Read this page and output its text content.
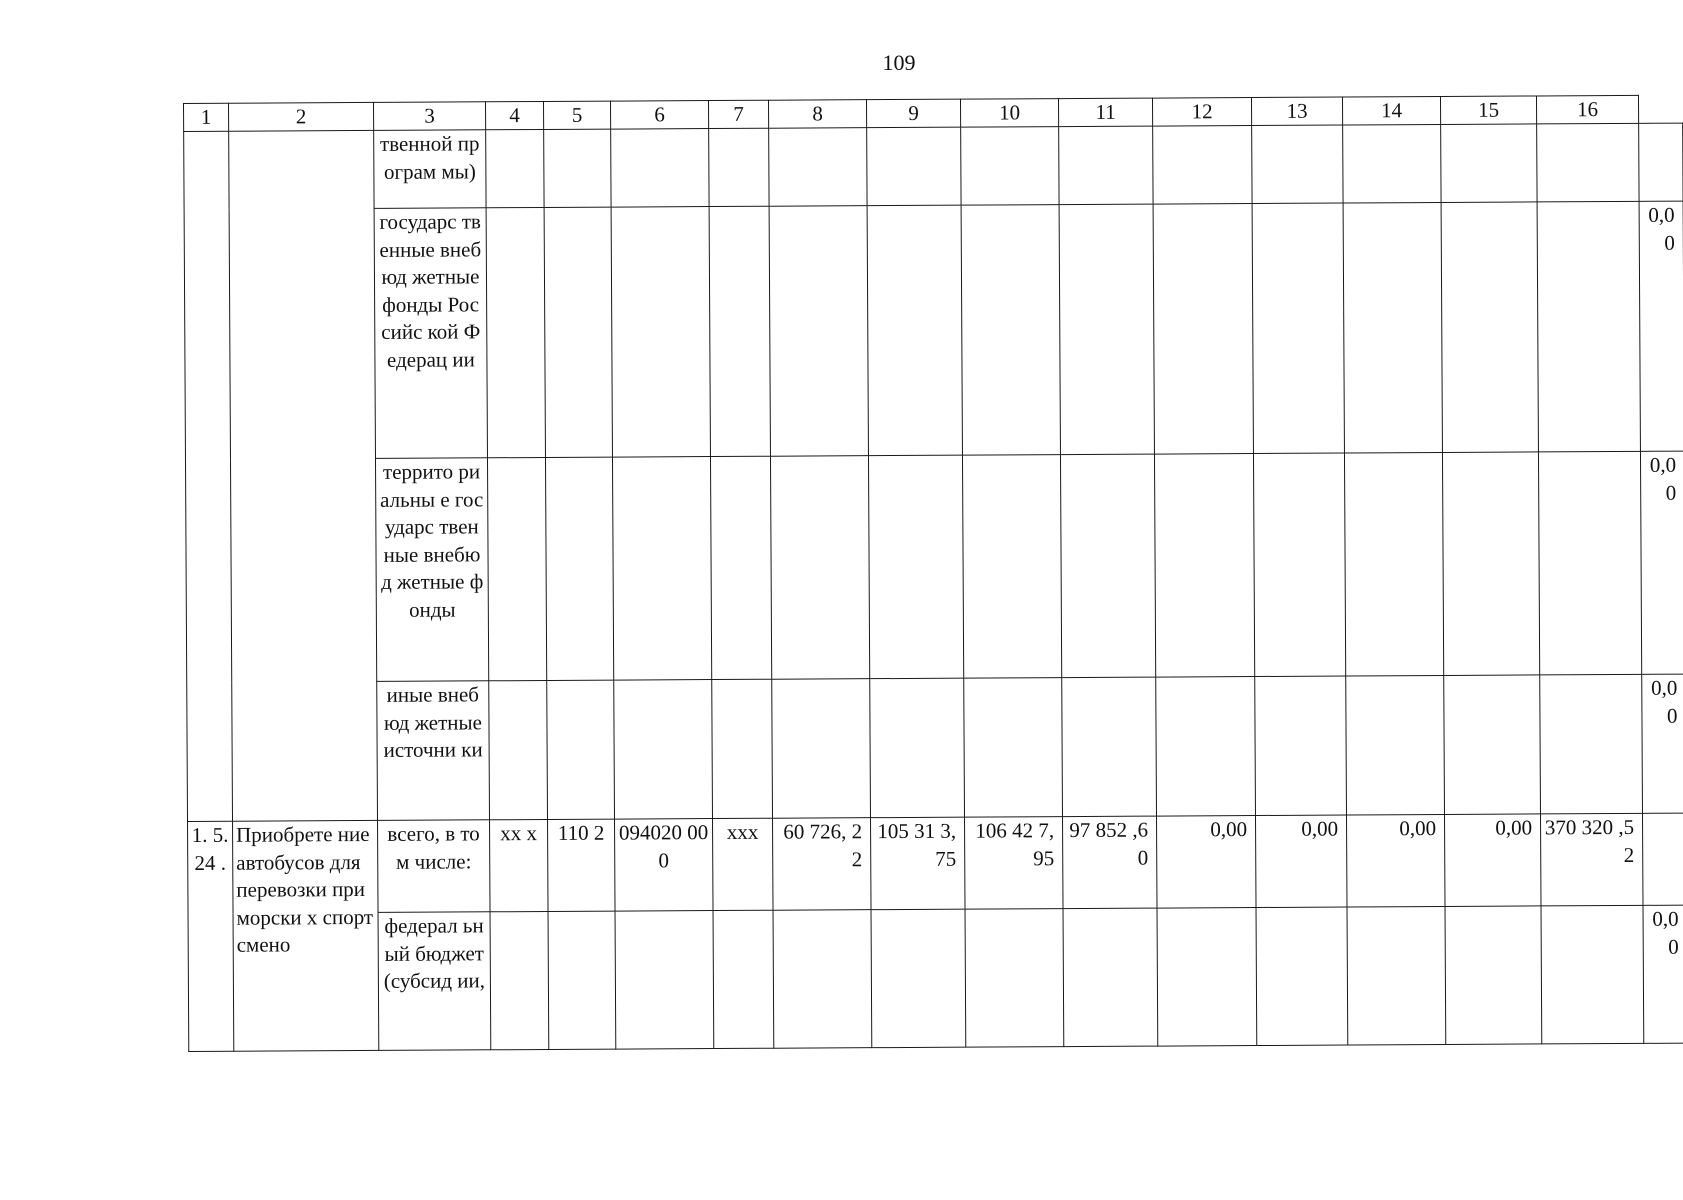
109
1	2	3	4	5	6	7	8	9	10	11	12	13	14	15	16	
		твенной програм мы)														
		государс твенные внебюд жетные фонды Российс кой Федерац ии														0,00
		террито риальны е государс твенные внебюд жетные фонды														0,00
		иные внебюд жетные источни ки														0,00
1. 5. 24 .	Приобрете ние автобусов для перевозки приморски х спортсмено	всего, в том числе:	хх х	110 2	094020 000	ххх	60 726, 22	105 31 3,75	106 42 7,95	97 852 ,60	0,00	0,00	0,00	0,00	370 320 ,52	
		федерал ьный бюджет (субсид ии,														0,00
